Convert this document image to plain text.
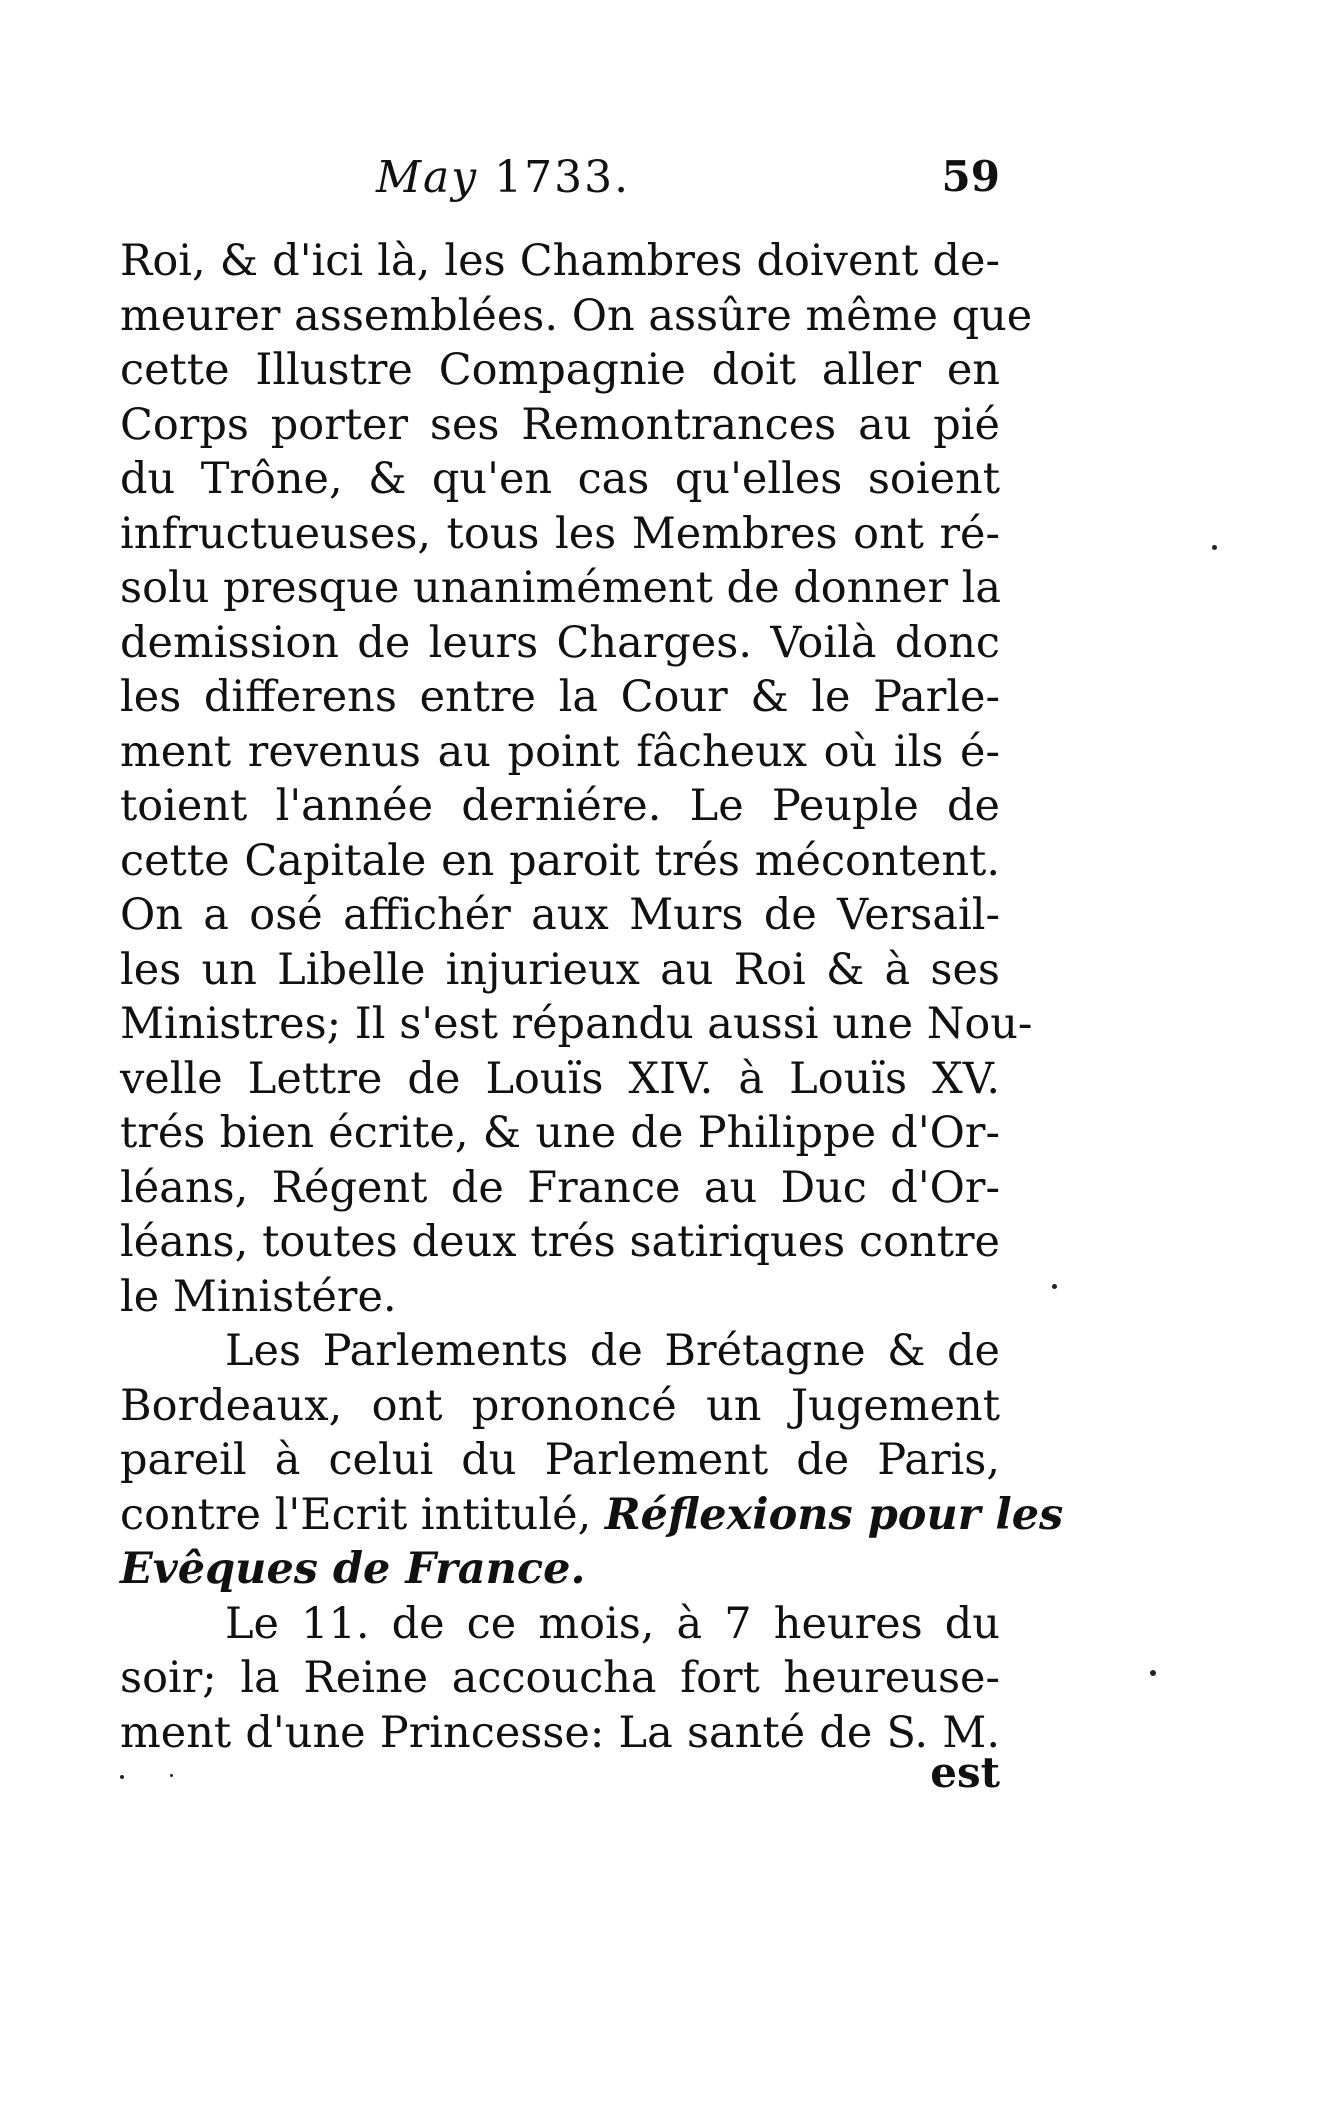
May 1733.	59
Roi, & d'ici là, les Chambres doivent de-
meurer assemblées. On assûre même que
cette Illustre Compagnie doit aller en
Corps porter ses Remontrances au pié
du Trône, & qu'en cas qu'elles soient
infructueuses, tous les Membres ont ré-
solu presque unanimément de donner la
demission de leurs Charges. Voilà donc
les differens entre la Cour & le Parle-
ment revenus au point fâcheux où ils é-
toient l'année derniére. Le Peuple de
cette Capitale en paroit trés mécontent.
On a osé affichér aux Murs de Versail-
les un Libelle injurieux au Roi & à ses
Ministres; Il s'est répandu aussi une Nou-
velle Lettre de Louïs XIV. à Louïs XV.
trés bien écrite, & une de Philippe d'Or-
léans, Régent de France au Duc d'Or-
léans, toutes deux trés satiriques contre
le Ministére.
Les Parlements de Brétagne & de
Bordeaux, ont prononcé un Jugement
pareil à celui du Parlement de Paris,
contre l'Ecrit intitulé, Réflexions pour les
Evêques de France.
Le 11. de ce mois, à 7 heures du
soir; la Reine accoucha fort heureuse-
ment d'une Princesse: La santé de S. M.
est
